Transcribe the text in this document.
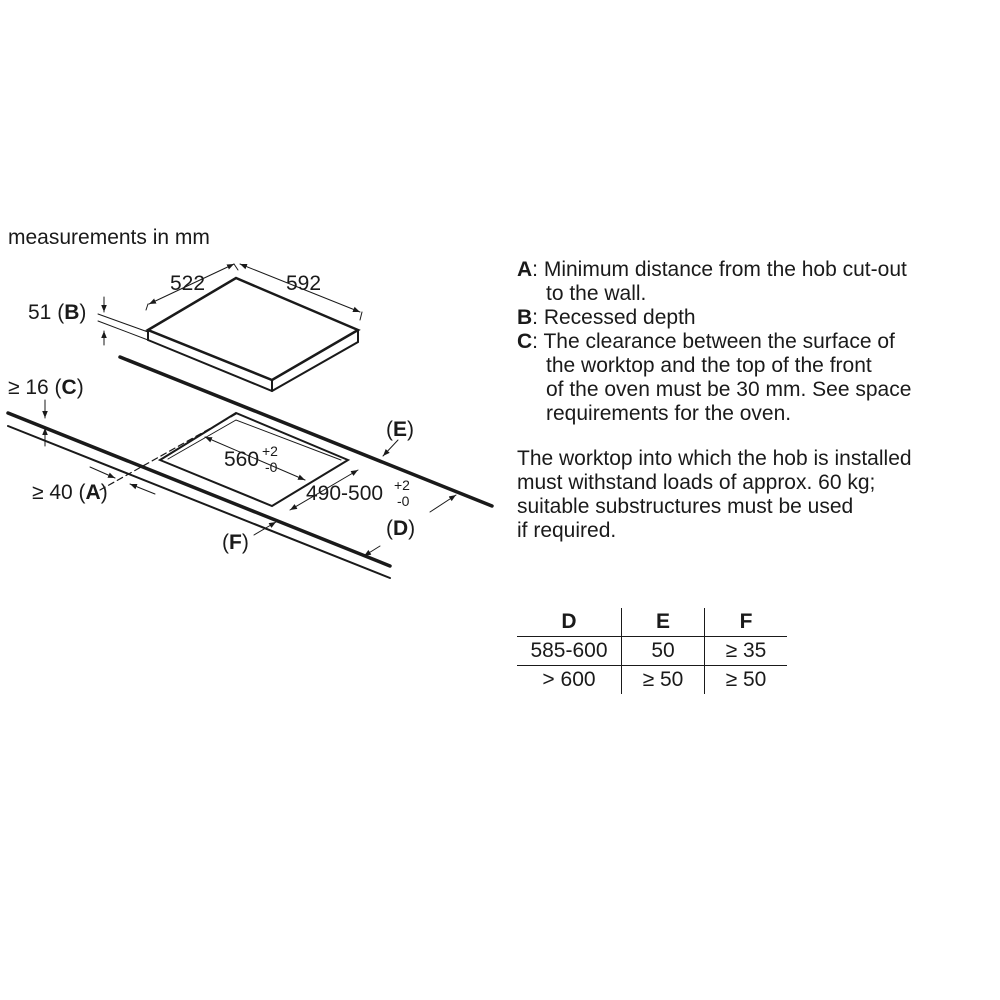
measurements in mm
522	592
51 (B)
≥ 16 (C)
≥ 40 (A)
(E)
(D)
(F)
560 +2
-0
490-500 +2
-0
A : Minimum distance from the hob cut-out
to the wall.
B : Recessed depth
C : The clearance between the surface of
the worktop and the top of the front
of the oven must be 30 mm. See space
requirements for the oven.
The worktop into which the hob is installed
must withstand loads of approx. 60 kg;
suitable substructures must be used
if required.
D	E	F
585-600	50	≥ 35
> 600	≥ 50	≥ 50
